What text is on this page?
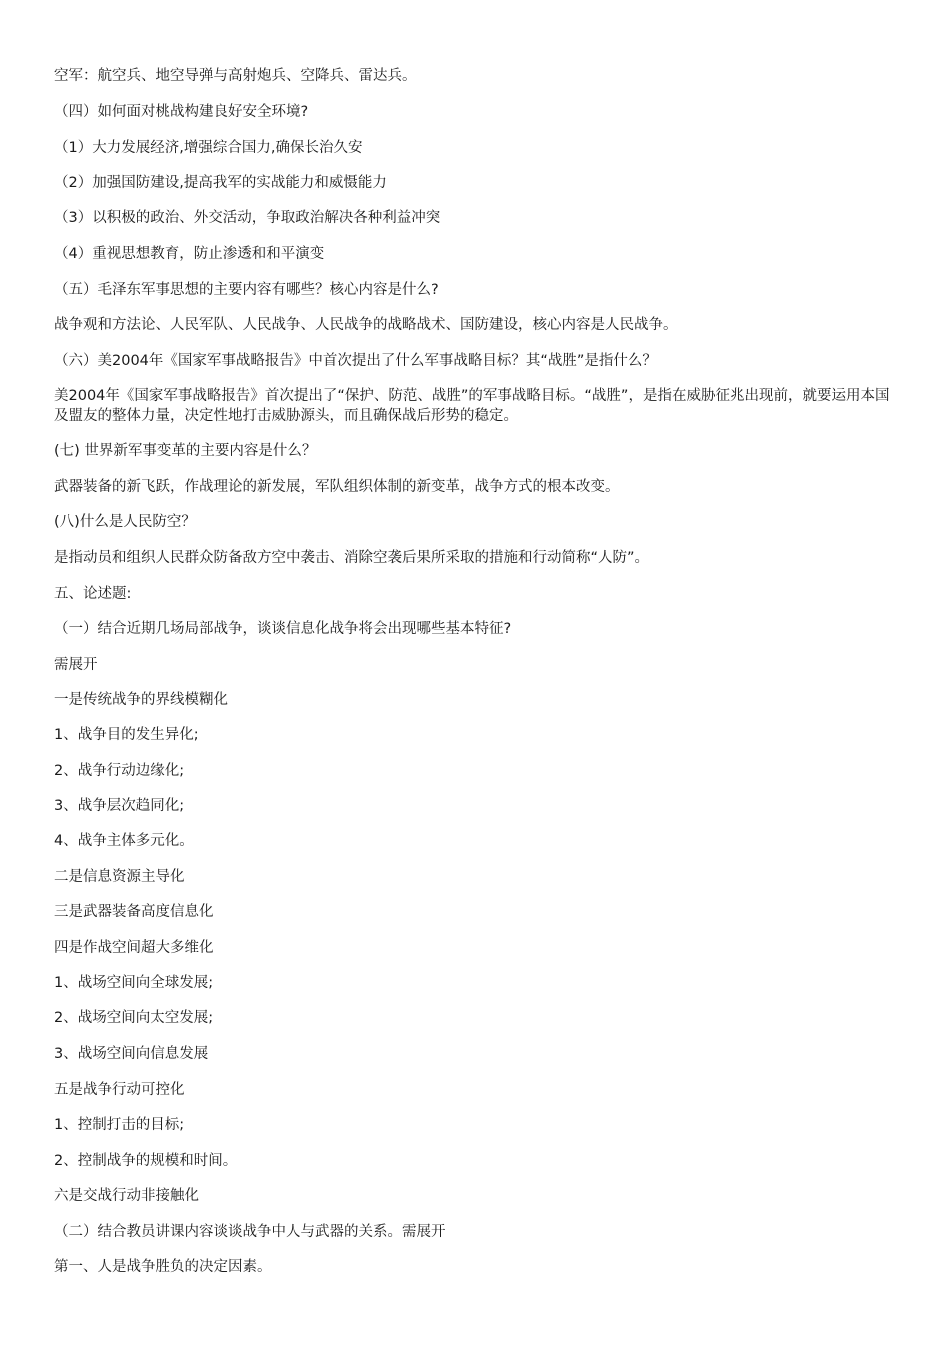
空军：航空兵、地空导弹与高射炮兵、空降兵、雷达兵。
（四）如何面对桃战构建良好安全环境?
（1）大力发展经济,增强综合国力,确保长治久安
（2）加强国防建设,提高我军的实战能力和威慑能力
（3）以积极的政治、外交活动，争取政治解决各种利益冲突
（4）重视思想教育，防止渗透和和平演变
（五）毛泽东军事思想的主要内容有哪些？核心内容是什么?
战争观和方法论、人民军队、人民战争、人民战争的战略战术、国防建设，核心内容是人民战争。
（六）美2004年《国家军事战略报告》中首次提出了什么军事战略目标？其“战胜”是指什么？
美2004年《国家军事战略报告》首次提出了“保护、防范、战胜”的军事战略目标。“战胜”，是指在威胁征兆出现前，就要运用本国及盟友的整体力量，决定性地打击威胁源头，而且确保战后形势的稳定。
(七) 世界新军事变革的主要内容是什么？
武器装备的新飞跃，作战理论的新发展，军队组织体制的新变革，战争方式的根本改变。
(八)什么是人民防空？
是指动员和组织人民群众防备敌方空中袭击、消除空袭后果所采取的措施和行动简称“人防”。
五、论述题:
（一）结合近期几场局部战争，谈谈信息化战争将会出现哪些基本特征?
需展开
一是传统战争的界线模糊化
1、战争目的发生异化;
2、战争行动边缘化;
3、战争层次趋同化;
4、战争主体多元化。
二是信息资源主导化
三是武器装备高度信息化
四是作战空间超大多维化
1、战场空间向全球发展;
2、战场空间向太空发展;
3、战场空间向信息发展
五是战争行动可控化
1、控制打击的目标;
2、控制战争的规模和时间。
六是交战行动非接触化
（二）结合教员讲课内容谈谈战争中人与武器的关系。需展开
第一、人是战争胜负的决定因素。
